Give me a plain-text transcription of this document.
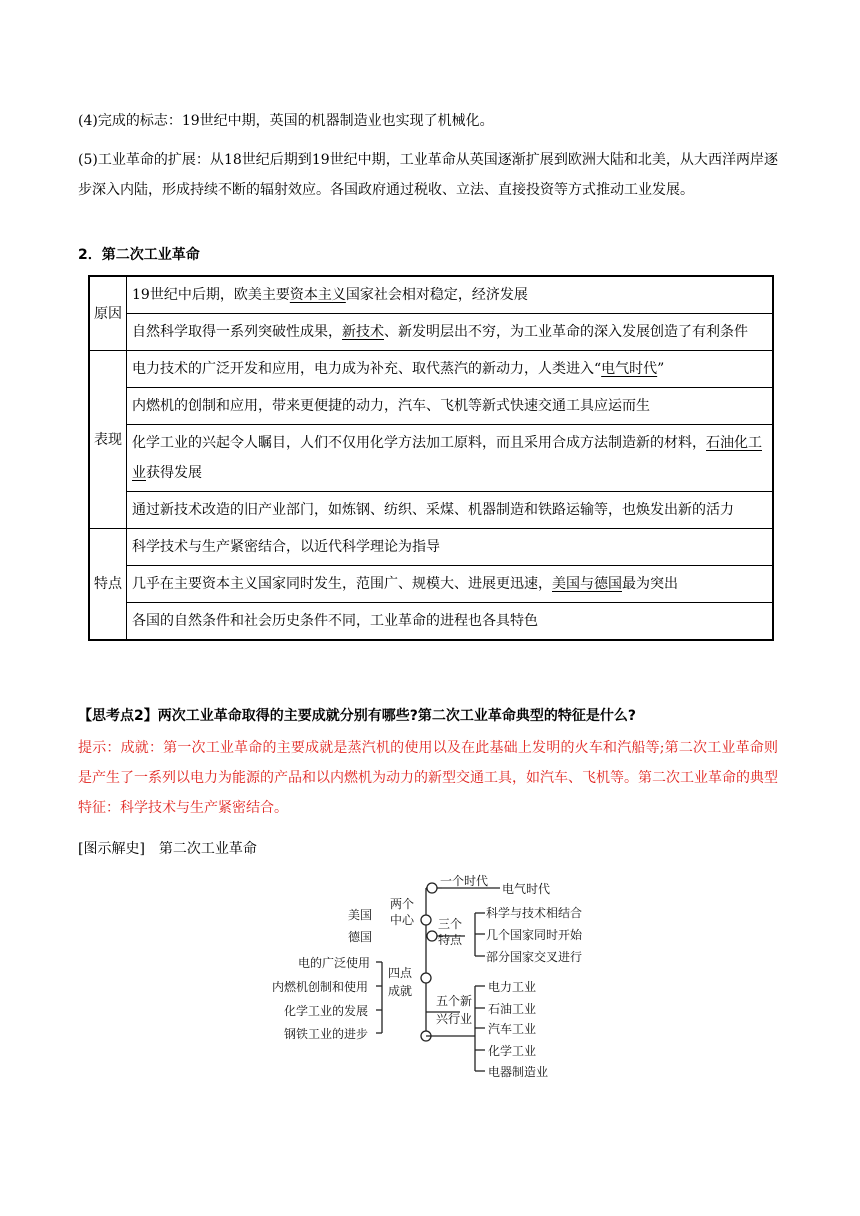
(4)完成的标志：19世纪中期，英国的机器制造业也实现了机械化。

(5)工业革命的扩展：从18世纪后期到19世纪中期，工业革命从英国逐渐扩展到欧洲大陆和北美，从大西洋两岸逐步深入内陆，形成持续不断的辐射效应。各国政府通过税收、立法、直接投资等方式推动工业发展。

2．第二次工业革命

原因	19世纪中后期，欧美主要资本主义国家社会相对稳定，经济发展
	自然科学取得一系列突破性成果，新技术、新发明层出不穷，为工业革命的深入发展创造了有利条件
表现	电力技术的广泛开发和应用，电力成为补充、取代蒸汽的新动力，人类进入“电气时代”
	内燃机的创制和应用，带来更便捷的动力，汽车、飞机等新式快速交通工具应运而生
	化学工业的兴起令人瞩目，人们不仅用化学方法加工原料，而且采用合成方法制造新的材料，石油化工业获得发展
	通过新技术改造的旧产业部门，如炼钢、纺织、采煤、机器制造和铁路运输等，也焕发出新的活力
特点	科学技术与生产紧密结合，以近代科学理论为指导
	几乎在主要资本主义国家同时发生，范围广、规模大、进展更迅速，美国与德国最为突出
	各国的自然条件和社会历史条件不同，工业革命的进程也各具特色

【思考点2】两次工业革命取得的主要成就分别有哪些?第二次工业革命典型的特征是什么?

提示：成就：第一次工业革命的主要成就是蒸汽机的使用以及在此基础上发明的火车和汽船等;第二次工业革命则是产生了一系列以电力为能源的产品和以内燃机为动力的新型交通工具，如汽车、飞机等。第二次工业革命的典型特征：科学技术与生产紧密结合。

[图示解史]　第二次工业革命

一个时代
电气时代
两个中心
美国
德国
三个特点
科学与技术相结合
几个国家同时开始
部分国家交叉进行
四点成就
电的广泛使用
内燃机创制和使用
化学工业的发展
钢铁工业的进步
五个新兴行业
电力工业
石油工业
汽车工业
化学工业
电器制造业
